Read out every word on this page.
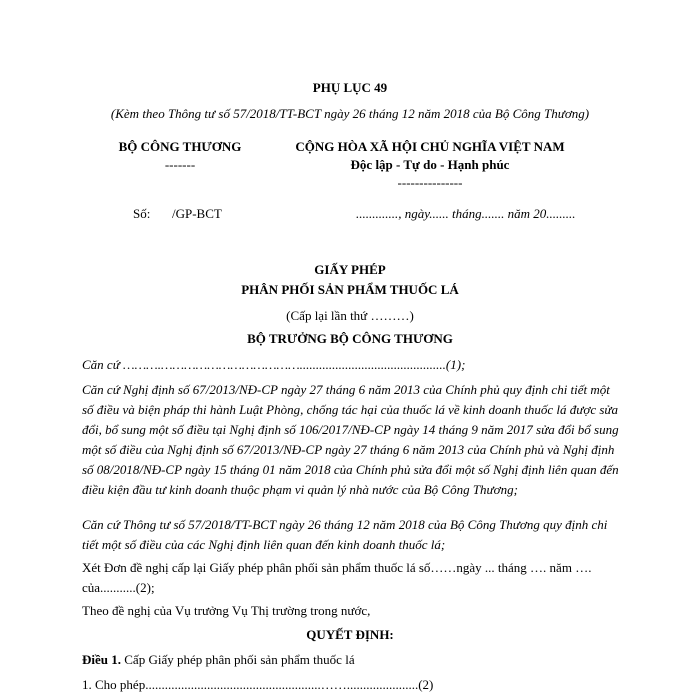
PHỤ LỤC 49
(Kèm theo Thông tư số 57/2018/TT-BCT ngày 26 tháng 12 năm 2018 của Bộ Công Thương)
BỘ CÔNG THƯƠNG
-------
CỘNG HÒA XÃ HỘI CHỦ NGHĨA VIỆT NAM
Độc lập - Tự do - Hạnh phúc
---------------
Số: /GP-BCT	............., ngày...... tháng....... năm 20.........
GIẤY PHÉP
PHÂN PHỐI SẢN PHẨM THUỐC LÁ
(Cấp lại lần thứ ………)
BỘ TRƯỞNG BỘ CÔNG THƯƠNG
Căn cứ ……….……………………………….............................................(1);
Căn cứ Nghị định số 67/2013/NĐ-CP ngày 27 tháng 6 năm 2013 của Chính phủ quy định chi tiết một số điều và biện pháp thi hành Luật Phòng, chống tác hại của thuốc lá về kinh doanh thuốc lá được sửa đổi, bổ sung một số điều tại Nghị định số 106/2017/NĐ-CP ngày 14 tháng 9 năm 2017 sửa đổi bổ sung một số điều của Nghị định số 67/2013/NĐ-CP ngày 27 tháng 6 năm 2013 của Chính phủ và Nghị định số 08/2018/NĐ-CP ngày 15 tháng 01 năm 2018 của Chính phủ sửa đổi một số Nghị định liên quan đến điều kiện đầu tư kinh doanh thuộc phạm vi quản lý nhà nước của Bộ Công Thương;
Căn cứ Thông tư số 57/2018/TT-BCT ngày 26 tháng 12 năm 2018 của Bộ Công Thương quy định chi tiết một số điều của các Nghị định liên quan đến kinh doanh thuốc lá;
Xét Đơn đề nghị cấp lại Giấy phép phân phối sản phẩm thuốc lá số……ngày ... tháng …. năm …. của...........(2);
Theo đề nghị của Vụ trưởng Vụ Thị trường trong nước,
QUYẾT ĐỊNH:
Điều 1. Cấp Giấy phép phân phối sản phẩm thuốc lá
1. Cho phép......................................................……......................(2)
